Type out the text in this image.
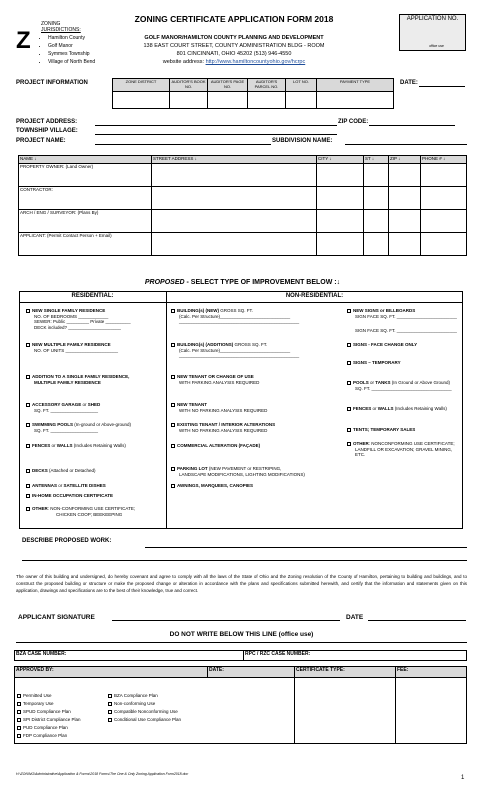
Z
ZONING
JURISDICTIONS:
• Hamilton County
• Golf Manor
• Symmes Township
• Village of North Bend
ZONING CERTIFICATE APPLICATION FORM 2018
GOLF MANOR/HAMILTON COUNTY PLANNING AND DEVELOPMENT
138 EAST COURT STREET, COUNTY ADMINISTRATION BLDG - ROOM
801 CINCINNATI, OHIO 45202 (513) 946-4550
website address: http://www.hamiltoncountyohio.gov/hcrpc
APPLICATION NO.
office use
PROJECT INFORMATION	ZONE DISTRICT	AUDITOR'S BOOK NO.	AUDITOR'S PAGE NO.	AUDITOR'S PARCEL NO.	LOT NO.	PAYMENT TYPE
						DATE:
PROJECT ADDRESS:	ZIP CODE:
TOWNSHIP VILLAGE:
PROJECT NAME:	SUBDIVISION NAME:
NAME ↓	STREET ADDRESS ↓	CITY ↓	ST ↓	ZIP ↓	PHONE # ↓
PROPERTY OWNER: (Land Owner)					
CONTRACTOR:					
ARCH / ENG / SURVEYOR: (Plans By)					
APPLICANT: (Permit Contact Person + Email)					
PROPOSED - SELECT TYPE OF IMPROVEMENT BELOW :↓
RESIDENTIAL:	NON-RESIDENTIAL:
NEW SINGLE FAMILY RESIDENCE
NO. OF BEDROOMS ____________
SEWER: Public _________ Private __________
DECK included? _____________________
NEW MULTIPLE FAMILY RESIDENCE
NO. OF UNITS _____________________
ADDITION TO A SINGLE FAMILY RESIDENCE,
MULTIPLE FAMILY RESIDENCE
ACCESSORY GARAGE or SHED
SQ. FT. ___________________
SWIMMING POOLS (In-ground or Above-ground)
SQ. FT. ___________________
FENCES or WALLS (Includes Retaining Walls)
DECKS (Attached or Detached)
ANTENNAS or SATELLITE DISHES
IN-HOME OCCUPATION CERTIFICATE
OTHER: NON-CONFORMING USE CERTIFICATE;
CHICKEN COOP; BEEKEEPING
BUILDING(s) (NEW) GROSS SQ. FT.
(Calc. Per Structure)____________________________
________________________________________________
BUILDING(s) (ADDITIONS) GROSS SQ. FT.
(Calc. Per Structure)____________________________
________________________________________________
NEW TENANT OR CHANGE OF USE
WITH PARKING ANALYSIS REQUIRED
NEW TENANT
WITH NO PARKING ANALYSIS REQUIRED
EXISTING TENANT / INTERIOR ALTERATIONS
WITH NO PARKING ANALYSIS REQUIRED
COMMERCIAL ALTERATION (FAÇADE)
PARKING LOT (NEW PAVEMENT or RESTRIPING,
LANDSCAPE MODIFICATIONS, LIGHTING MODIFICATIONS)
AWNINGS, MARQUEES, CANOPIES
NEW SIGNS or BILLBOARDS
SIGN FACE SQ. FT. ________________________
SIGN FACE SQ. FT. ________________________
SIGNS - FACE CHANGE ONLY
SIGNS – TEMPORARY
POOLS or TANKS (In Ground or Above Ground)
SQ. FT. ________________________________
FENCES or WALLS (Includes Retaining Walls)
TENTS; TEMPORARY SALES
OTHER: NONCONFORMING USE CERTIFICATE;
LANDFILL OR EXCAVATION; GRAVEL MINING, ETC.
DESCRIBE PROPOSED WORK:
The owner of this building and undersigned, do hereby covenant and agree to comply with all the laws of the State of Ohio and the Zoning resolution of the County of Hamilton, pertaining to building and buildings, and to construct the proposed building or structure or make the proposed change or alteration in accordance with the plans and specifications submitted herewith, and certify that the information and statements given on this application, drawings and specifications are to the best of their knowledge, true and correct.
APPLICANT SIGNATURE	DATE
DO NOT WRITE BELOW THIS LINE (office use)
BZA CASE NUMBER:	RPC / RZC CASE NUMBER:
APPROVED BY:	DATE:	CERTIFICATE TYPE:	FEE:

Permitted Use
Temporary Use
SPUD Compliance Plan
SPI District Compliance Plan
PUD Compliance Plan
FDP Compliance Plan
BZA Compliance Plan
Non-conforming Use
Compatible Nonconforming Use
Conditional Use Compliance Plan
H:\ZONING\Administrative\Application & Forms\2018 Forms\The One & Only Zoning Application Form2018.doc
1
